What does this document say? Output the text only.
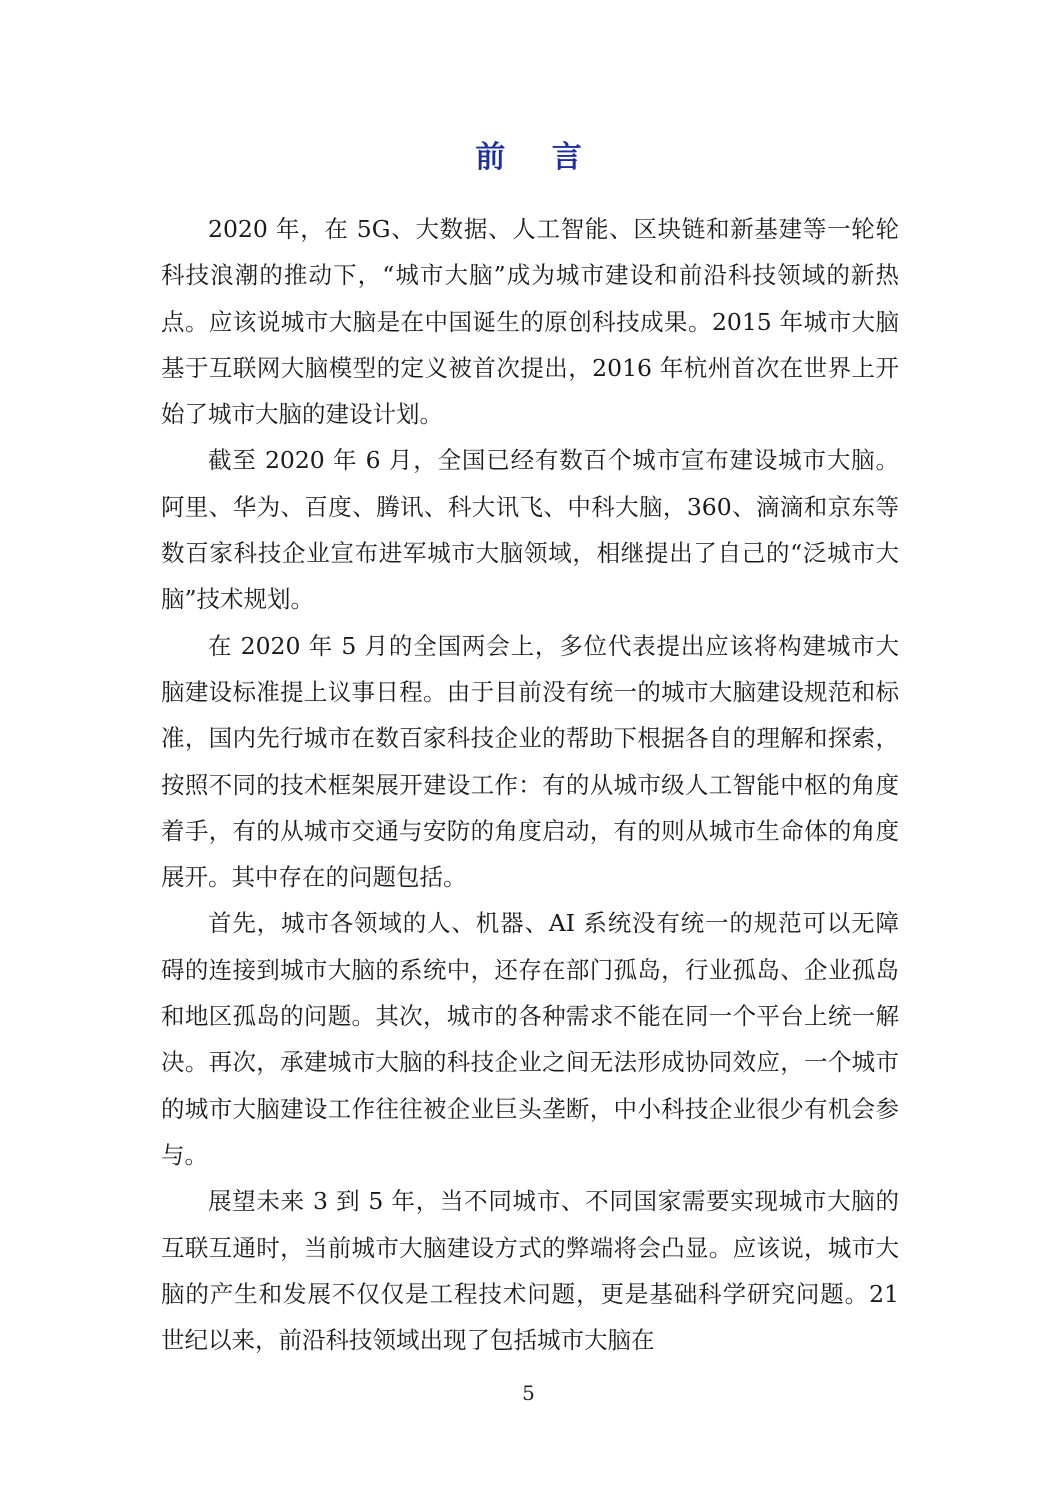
前 言

2020 年，在 5G、大数据、人工智能、区块链和新基建等一轮轮科技浪潮的推动下，“城市大脑”成为城市建设和前沿科技领域的新热点。应该说城市大脑是在中国诞生的原创科技成果。2015 年城市大脑基于互联网大脑模型的定义被首次提出，2016 年杭州首次在世界上开始了城市大脑的建设计划。

截至 2020 年 6 月，全国已经有数百个城市宣布建设城市大脑。阿里、华为、百度、腾讯、科大讯飞、中科大脑，360、滴滴和京东等数百家科技企业宣布进军城市大脑领域，相继提出了自己的“泛城市大脑”技术规划。

在 2020 年 5 月的全国两会上，多位代表提出应该将构建城市大脑建设标准提上议事日程。由于目前没有统一的城市大脑建设规范和标准，国内先行城市在数百家科技企业的帮助下根据各自的理解和探索，按照不同的技术框架展开建设工作：有的从城市级人工智能中枢的角度着手，有的从城市交通与安防的角度启动，有的则从城市生命体的角度展开。其中存在的问题包括。

首先，城市各领域的人、机器、AI 系统没有统一的规范可以无障碍的连接到城市大脑的系统中，还存在部门孤岛，行业孤岛、企业孤岛和地区孤岛的问题。其次，城市的各种需求不能在同一个平台上统一解决。再次，承建城市大脑的科技企业之间无法形成协同效应，一个城市的城市大脑建设工作往往被企业巨头垄断，中小科技企业很少有机会参与。

展望未来 3 到 5 年，当不同城市、不同国家需要实现城市大脑的互联互通时，当前城市大脑建设方式的弊端将会凸显。应该说，城市大脑的产生和发展不仅仅是工程技术问题，更是基础科学研究问题。21 世纪以来，前沿科技领域出现了包括城市大脑在

5
